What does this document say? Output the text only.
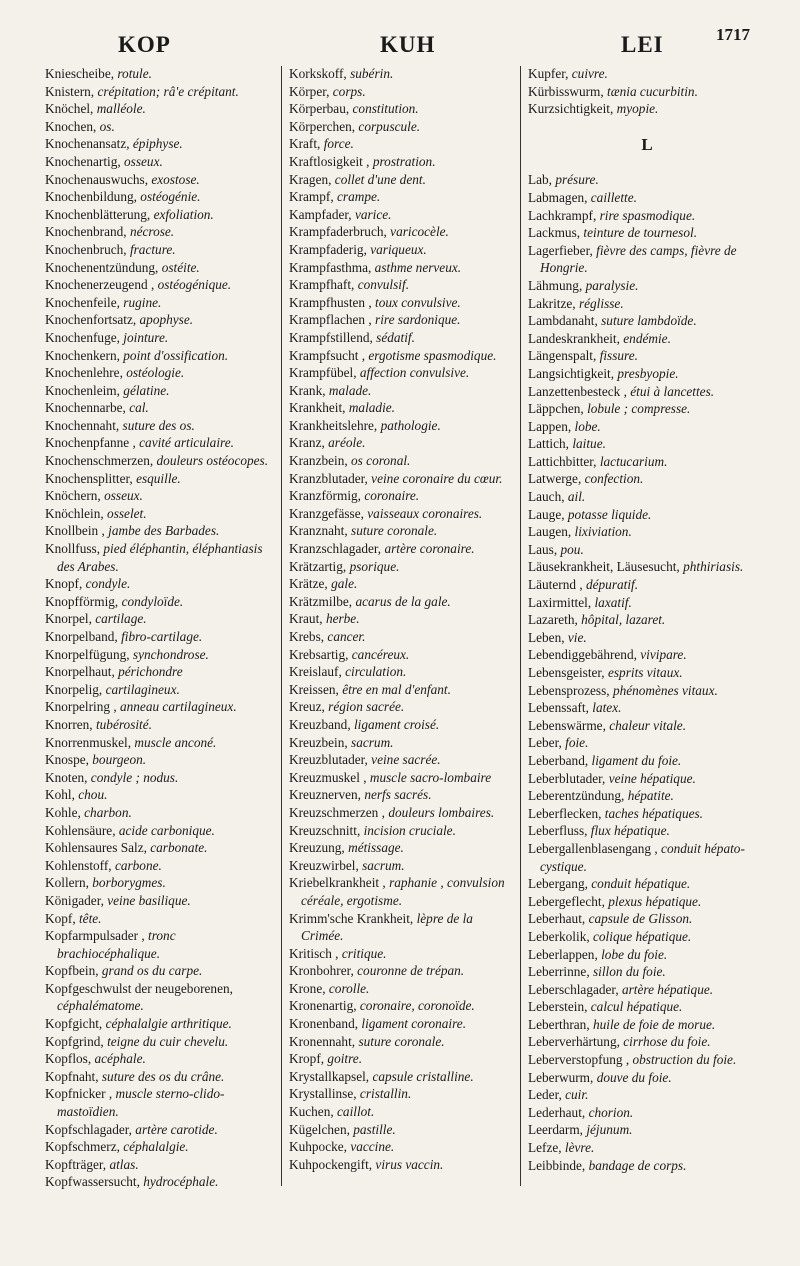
KOP	KUH	LEI	1717
Kniescheibe, rotule.
Knistern, crépitation; râ'e crépitant.
Knöchel, malléole.
Knochen, os.
Knochenansatz, épiphyse.
Knochenartig, osseux.
Knochenauswuchs, exostose.
Knochenbildung, ostéogénie.
Knochenblätterung, exfoliation.
Knochenbrand, nécrose.
Knochenbruch, fracture.
Knochenentzündung, ostéite.
Knochenerzeugend , ostéogénique.
Knochenfeile, rugine.
Knochenfortsatz, apophyse.
Knochenfuge, jointure.
Knochenkern, point d'ossification.
Knochenlehre, ostéologie.
Knochenleim, gélatine.
Knochennarbe, cal.
Knochennaht, suture des os.
Knochenpfanne , cavité articulaire.
Knochenschmerzen, douleurs ostéocopes.
Knochensplitter, esquille.
Knöchern, osseux.
Knöchlein, osselet.
Knollbein , jambe des Barbades.
Knollfuss, pied éléphantin, éléphantiasis des Arabes.
Knopf, condyle.
Knopfförmig, condyloïde.
Knorpel, cartilage.
Knorpelband, fibro-cartilage.
Knorpelfügung, synchondrose.
Knorpelhaut, périchondre
Knorpelig, cartilagineux.
Knorpelring , anneau cartilagineux.
Knorren, tubérosité.
Knorrenmuskel, muscle anconé.
Knospe, bourgeon.
Knoten, condyle ; nodus.
Kohl, chou.
Kohle, charbon.
Kohlensäure, acide carbonique.
Kohlensaures Salz, carbonate.
Kohlenstoff, carbone.
Kollern, borborygmes.
Königader, veine basilique.
Kopf, tête.
Kopfarmpulsader , tronc brachiocéphalique.
Kopfbein, grand os du carpe.
Kopfgeschwulst der neugeborenen, céphalématome.
Kopfgicht, céphalalgie arthritique.
Kopfgrind, teigne du cuir chevelu.
Kopflos, acéphale.
Kopfnaht, suture des os du crâne.
Kopfnicker , muscle sterno-clido-mastoïdien.
Kopfschlagader, artère carotide.
Kopfschmerz, céphalalgie.
Kopfträger, atlas.
Kopfwassersucht, hydrocéphale.
Korkskoff, subérin.
Körper, corps.
Körperbau, constitution.
Körperchen, corpuscule.
Kraft, force.
Kraftlosigkeit , prostration.
Kragen, collet d'une dent.
Krampf, crampe.
Kampfader, varice.
Krampfaderbruch, varicocèle.
Krampfaderig, variqueux.
Krampfasthma, asthme nerveux.
Krampfhaft, convulsif.
Krampfhusten , toux convulsive.
Krampflachen , rire sardonique.
Krampfstillend, sédatif.
Krampfsucht , ergotisme spasmodique.
Krampfübel, affection convulsive.
Krank, malade.
Krankheit, maladie.
Krankheitslehre, pathologie.
Kranz, aréole.
Kranzbein, os coronal.
Kranzblutader, veine coronaire du cœur.
Kranzförmig, coronaire.
Kranzgefässe, vaisseaux coronaires.
Kranznaht, suture coronale.
Kranzschlagader, artère coronaire.
Krätzartig, psorique.
Krätze, gale.
Krätzmilbe, acarus de la gale.
Kraut, herbe.
Krebs, cancer.
Krebsartig, cancéreux.
Kreislauf, circulation.
Kreissen, être en mal d'enfant.
Kreuz, région sacrée.
Kreuzband, ligament croisé.
Kreuzbein, sacrum.
Kreuzblutader, veine sacrée.
Kreuzmuskel , muscle sacro-lombaire
Kreuznerven, nerfs sacrés.
Kreuzschmerzen , douleurs lombaires.
Kreuzschnitt, incision cruciale.
Kreuzung, métissage.
Kreuzwirbel, sacrum.
Kriebelkrankheit , raphanie , convulsion céréale, ergotisme.
Krimm'sche Krankheit, lèpre de la Crimée.
Kritisch , critique.
Kronbohrer, couronne de trépan.
Krone, corolle.
Kronenartig, coronaire, coronoïde.
Kronenband, ligament coronaire.
Kronennaht, suture coronale.
Kropf, goitre.
Krystallkapsel, capsule cristalline.
Krystallinse, cristallin.
Kuchen, caillot.
Kügelchen, pastille.
Kuhpocke, vaccine.
Kuhpockengift, virus vaccin.
Kupfer, cuivre.
Kürbisswurm, tænia cucurbitin.
Kurzsichtigkeit, myopie.
L
Lab, présure.
Labmagen, caillette.
Lachkrampf, rire spasmodique.
Lackmus, teinture de tournesol.
Lagerfieber, fièvre des camps, fièvre de Hongrie.
Lähmung, paralysie.
Lakritze, réglisse.
Lambdanaht, suture lambdoïde.
Landeskrankheit, endémie.
Längenspalt, fissure.
Langsichtigkeit, presbyopie.
Lanzettenbesteck , étui à lancettes.
Läppchen, lobule ; compresse.
Lappen, lobe.
Lattich, laitue.
Lattichbitter, lactucarium.
Latwerge, confection.
Lauch, ail.
Lauge, potasse liquide.
Laugen, lixiviation.
Laus, pou.
Läusekrankheit, Läusesucht, phthiriasis.
Läuternd , dépuratif.
Laxirmittel, laxatif.
Lazareth, hôpital, lazaret.
Leben, vie.
Lebendiggebährend, vivipare.
Lebensgeister, esprits vitaux.
Lebensprozess, phénomènes vitaux.
Lebenssaft, latex.
Lebenswärme, chaleur vitale.
Leber, foie.
Leberband, ligament du foie.
Leberblutader, veine hépatique.
Leberentzündung, hépatite.
Leberflecken, taches hépatiques.
Leberfluss, flux hépatique.
Lebergallenblasengang , conduit hépato-cystique.
Lebergang, conduit hépatique.
Lebergeflecht, plexus hépatique.
Leberhaut, capsule de Glisson.
Leberkolik, colique hépatique.
Leberlappen, lobe du foie.
Leberrinne, sillon du foie.
Leberschlagader, artère hépatique.
Leberstein, calcul hépatique.
Leberthran, huile de foie de morue.
Leberverhärtung, cirrhose du foie.
Leberverstopfung , obstruction du foie.
Leberwurm, douve du foie.
Leder, cuir.
Lederhaut, chorion.
Leerdarm, jéjunum.
Lefze, lèvre.
Leibbinde, bandage de corps.
